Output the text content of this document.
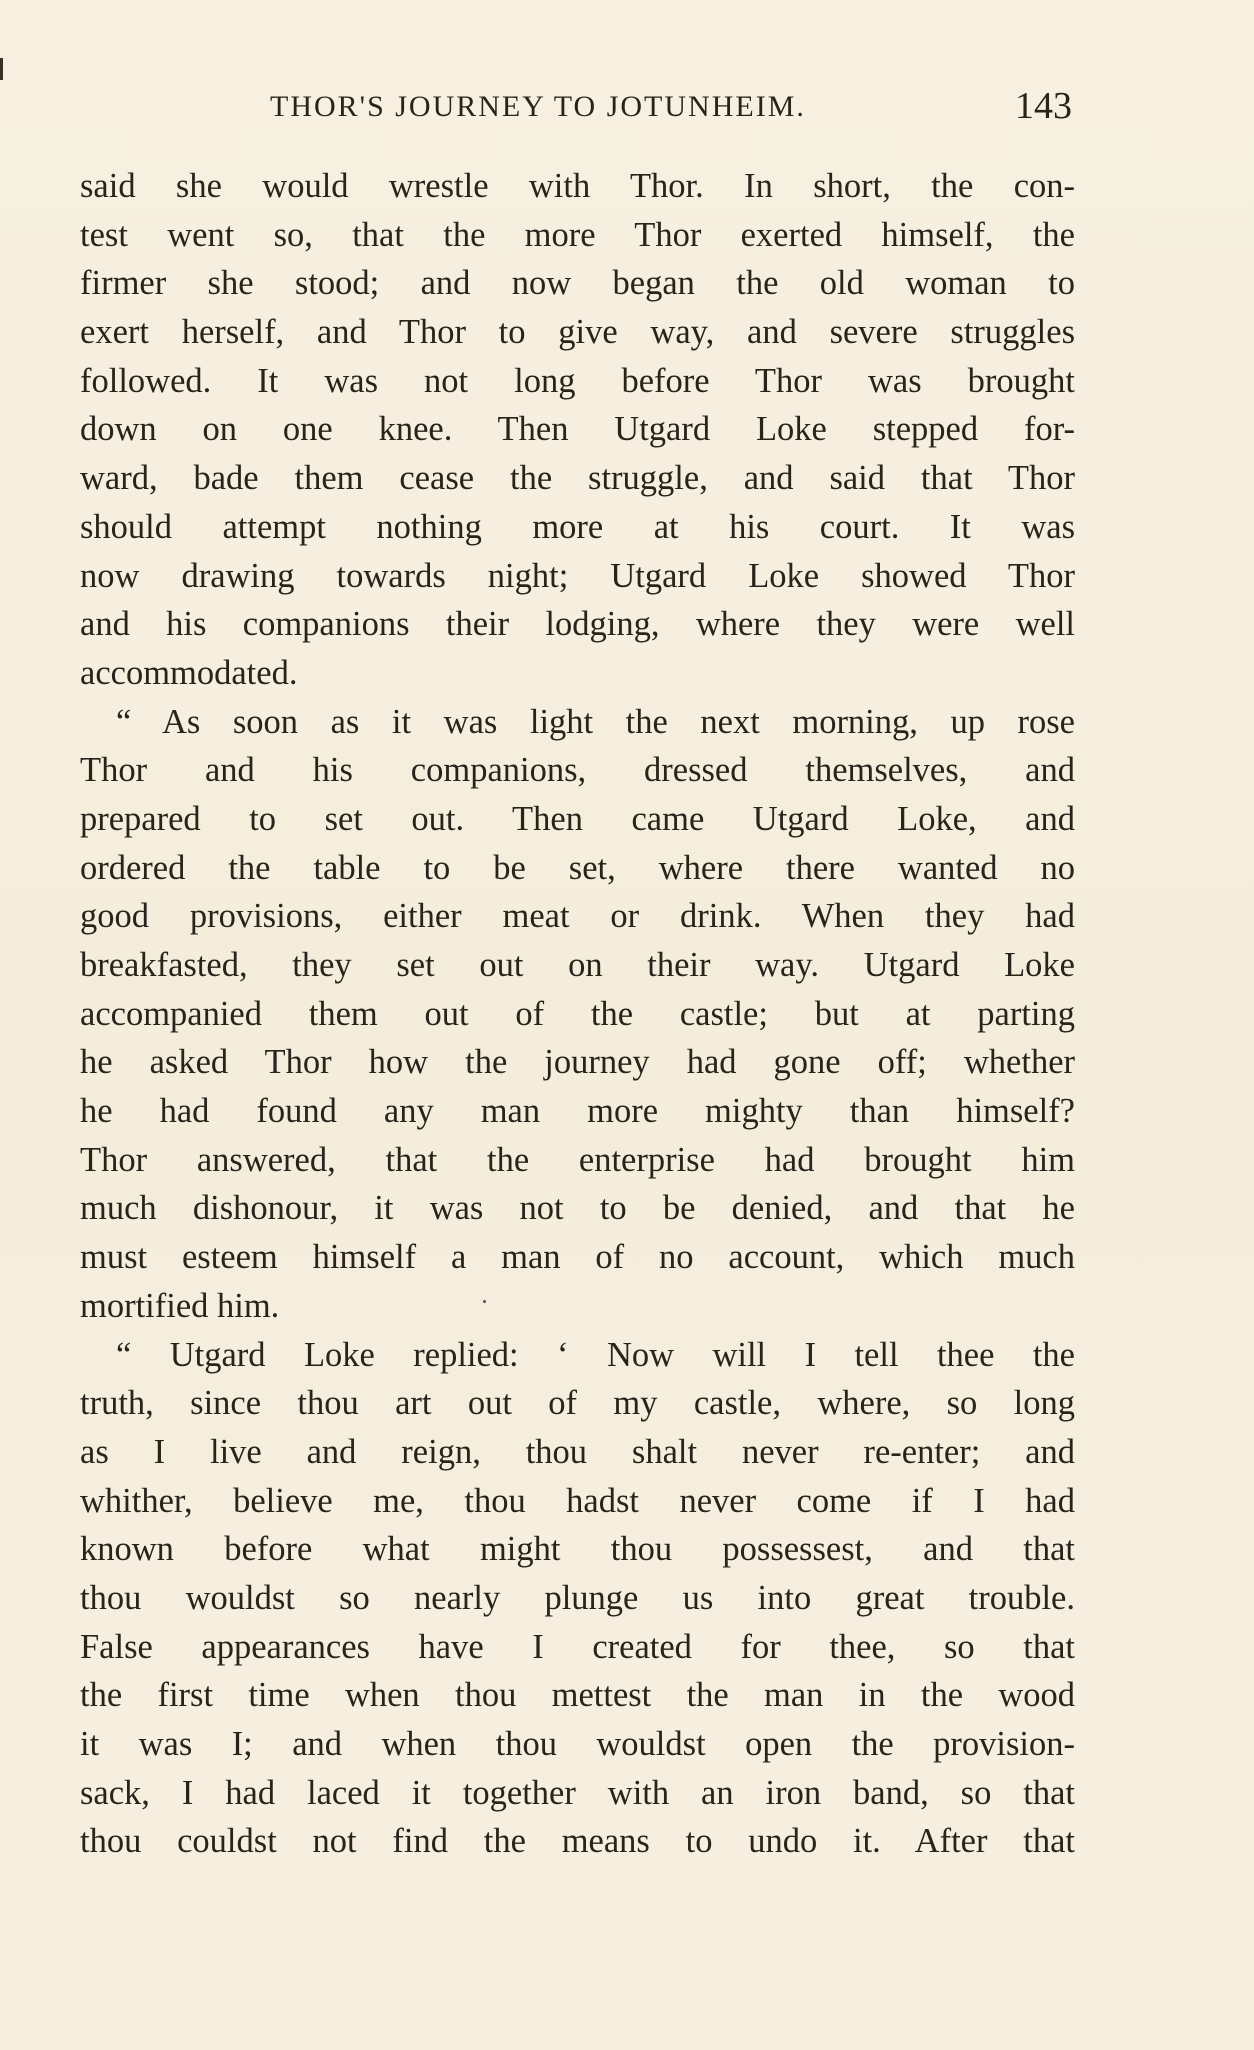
THOR'S JOURNEY TO JOTUNHEIM.	143
said she would wrestle with Thor. In short, the con-
test went so, that the more Thor exerted himself, the
firmer she stood; and now began the old woman to
exert herself, and Thor to give way, and severe struggles
followed. It was not long before Thor was brought
down on one knee. Then Utgard Loke stepped for-
ward, bade them cease the struggle, and said that Thor
should attempt nothing more at his court. It was
now drawing towards night; Utgard Loke showed Thor
and his companions their lodging, where they were well
accommodated.
“ As soon as it was light the next morning, up rose
Thor and his companions, dressed themselves, and
prepared to set out. Then came Utgard Loke, and
ordered the table to be set, where there wanted no
good provisions, either meat or drink. When they had
breakfasted, they set out on their way. Utgard Loke
accompanied them out of the castle; but at parting
he asked Thor how the journey had gone off; whether
he had found any man more mighty than himself?
Thor answered, that the enterprise had brought him
much dishonour, it was not to be denied, and that he
must esteem himself a man of no account, which much
mortified him.
“ Utgard Loke replied: ‘ Now will I tell thee the
truth, since thou art out of my castle, where, so long
as I live and reign, thou shalt never re-enter; and
whither, believe me, thou hadst never come if I had
known before what might thou possessest, and that
thou wouldst so nearly plunge us into great trouble.
False appearances have I created for thee, so that
the first time when thou mettest the man in the wood
it was I; and when thou wouldst open the provision-
sack, I had laced it together with an iron band, so that
thou couldst not find the means to undo it. After that
